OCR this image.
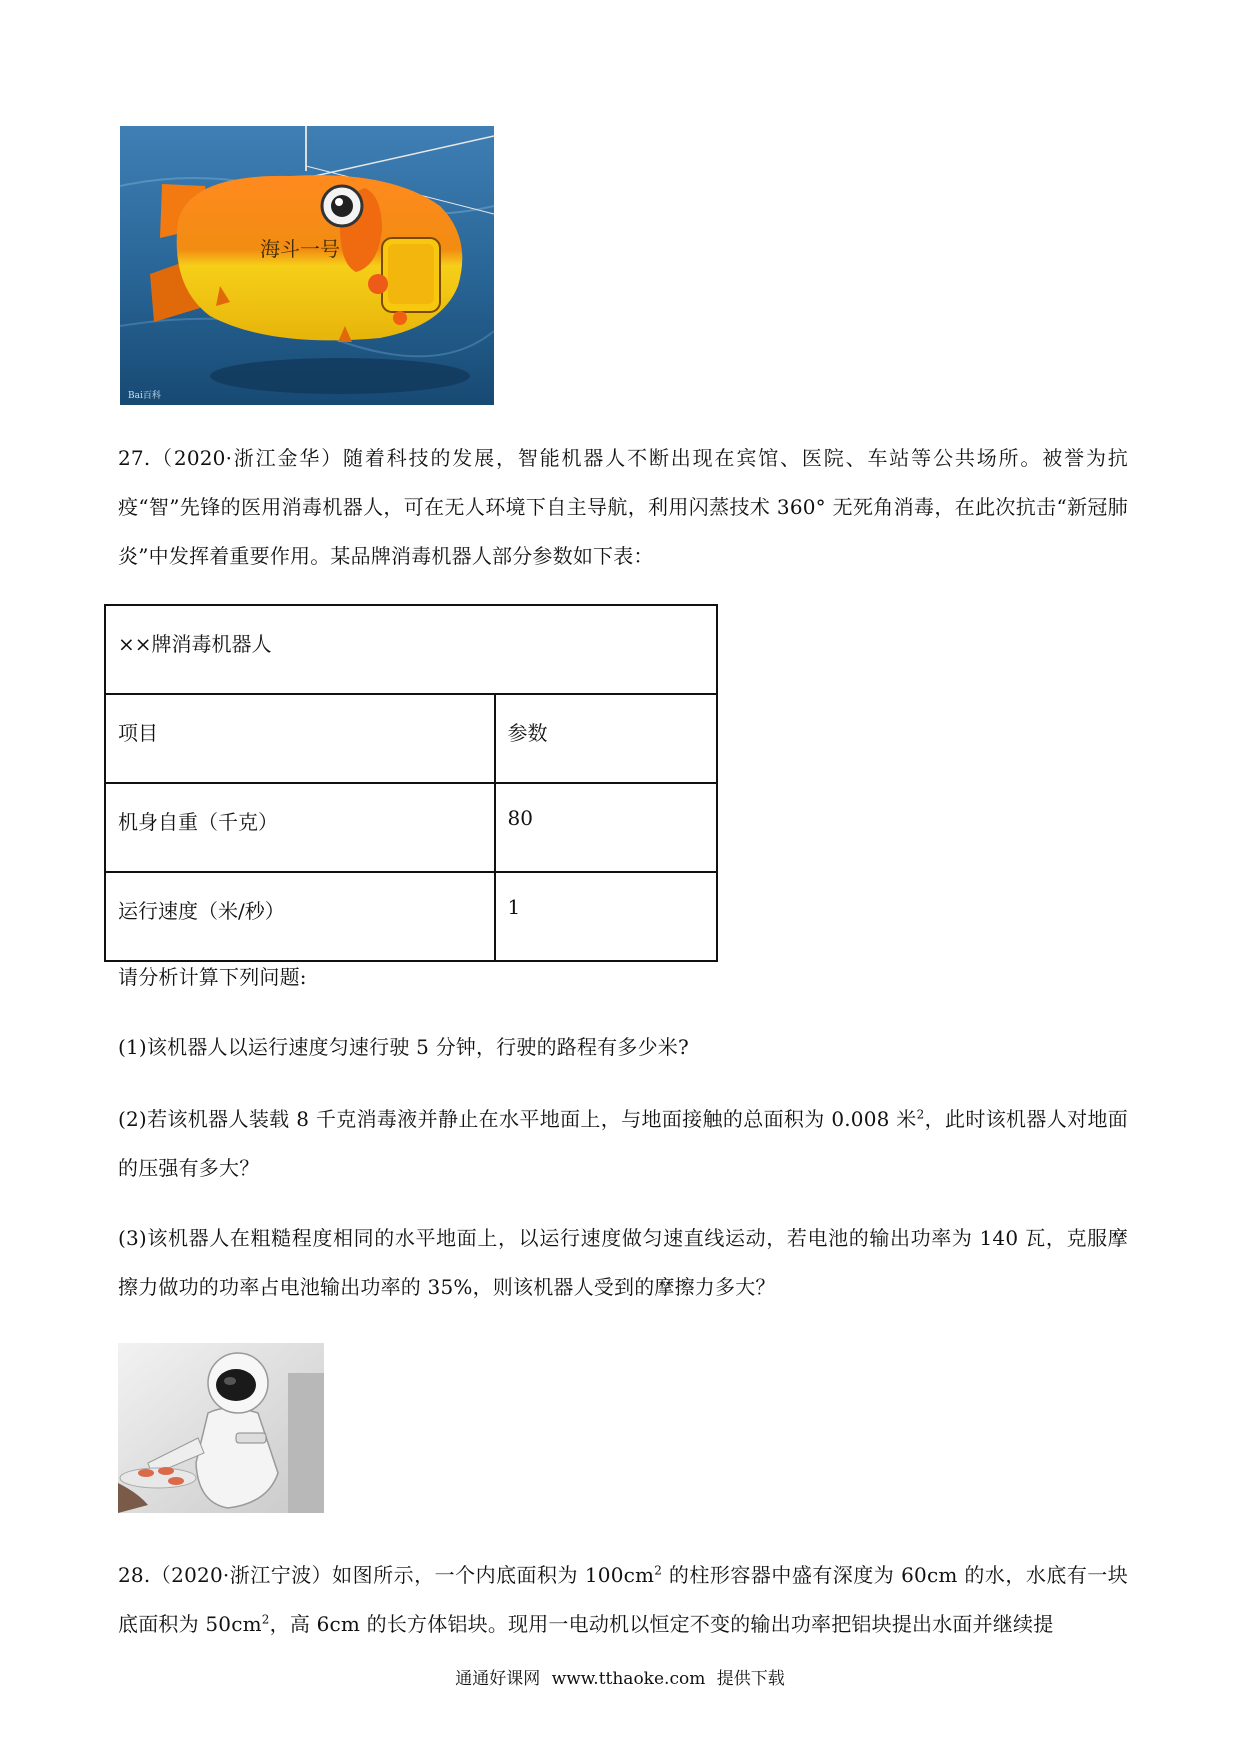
海斗一号
Bai百科
27.（2020·浙江金华）随着科技的发展，智能机器人不断出现在宾馆、医院、车站等公共场所。被誉为抗疫“智”先锋的医用消毒机器人，可在无人环境下自主导航，利用闪蒸技术 360° 无死角消毒，在此次抗击“新冠肺炎”中发挥着重要作用。某品牌消毒机器人部分参数如下表：
××牌消毒机器人	
项目	参数
机身自重（千克）	80
运行速度（米/秒）	1
请分析计算下列问题:
(1)该机器人以运行速度匀速行驶 5 分钟，行驶的路程有多少米?
(2)若该机器人装载 8 千克消毒液并静止在水平地面上，与地面接触的总面积为 0.008 米$^2$，此时该机器人对地面的压强有多大？
(3)该机器人在粗糙程度相同的水平地面上，以运行速度做匀速直线运动，若电池的输出功率为 140 瓦，克服摩擦力做功的功率占电池输出功率的 35%，则该机器人受到的摩擦力多大？
28.（2020·浙江宁波）如图所示，一个内底面积为 $100cm^2$ 的柱形容器中盛有深度为 60cm 的水，水底有一块底面积为 $50cm^2$，高 6cm 的长方体铝块。现用一电动机以恒定不变的输出功率把铝块提出水面并继续提
通通好课网 www.tthaoke.com 提供下载
